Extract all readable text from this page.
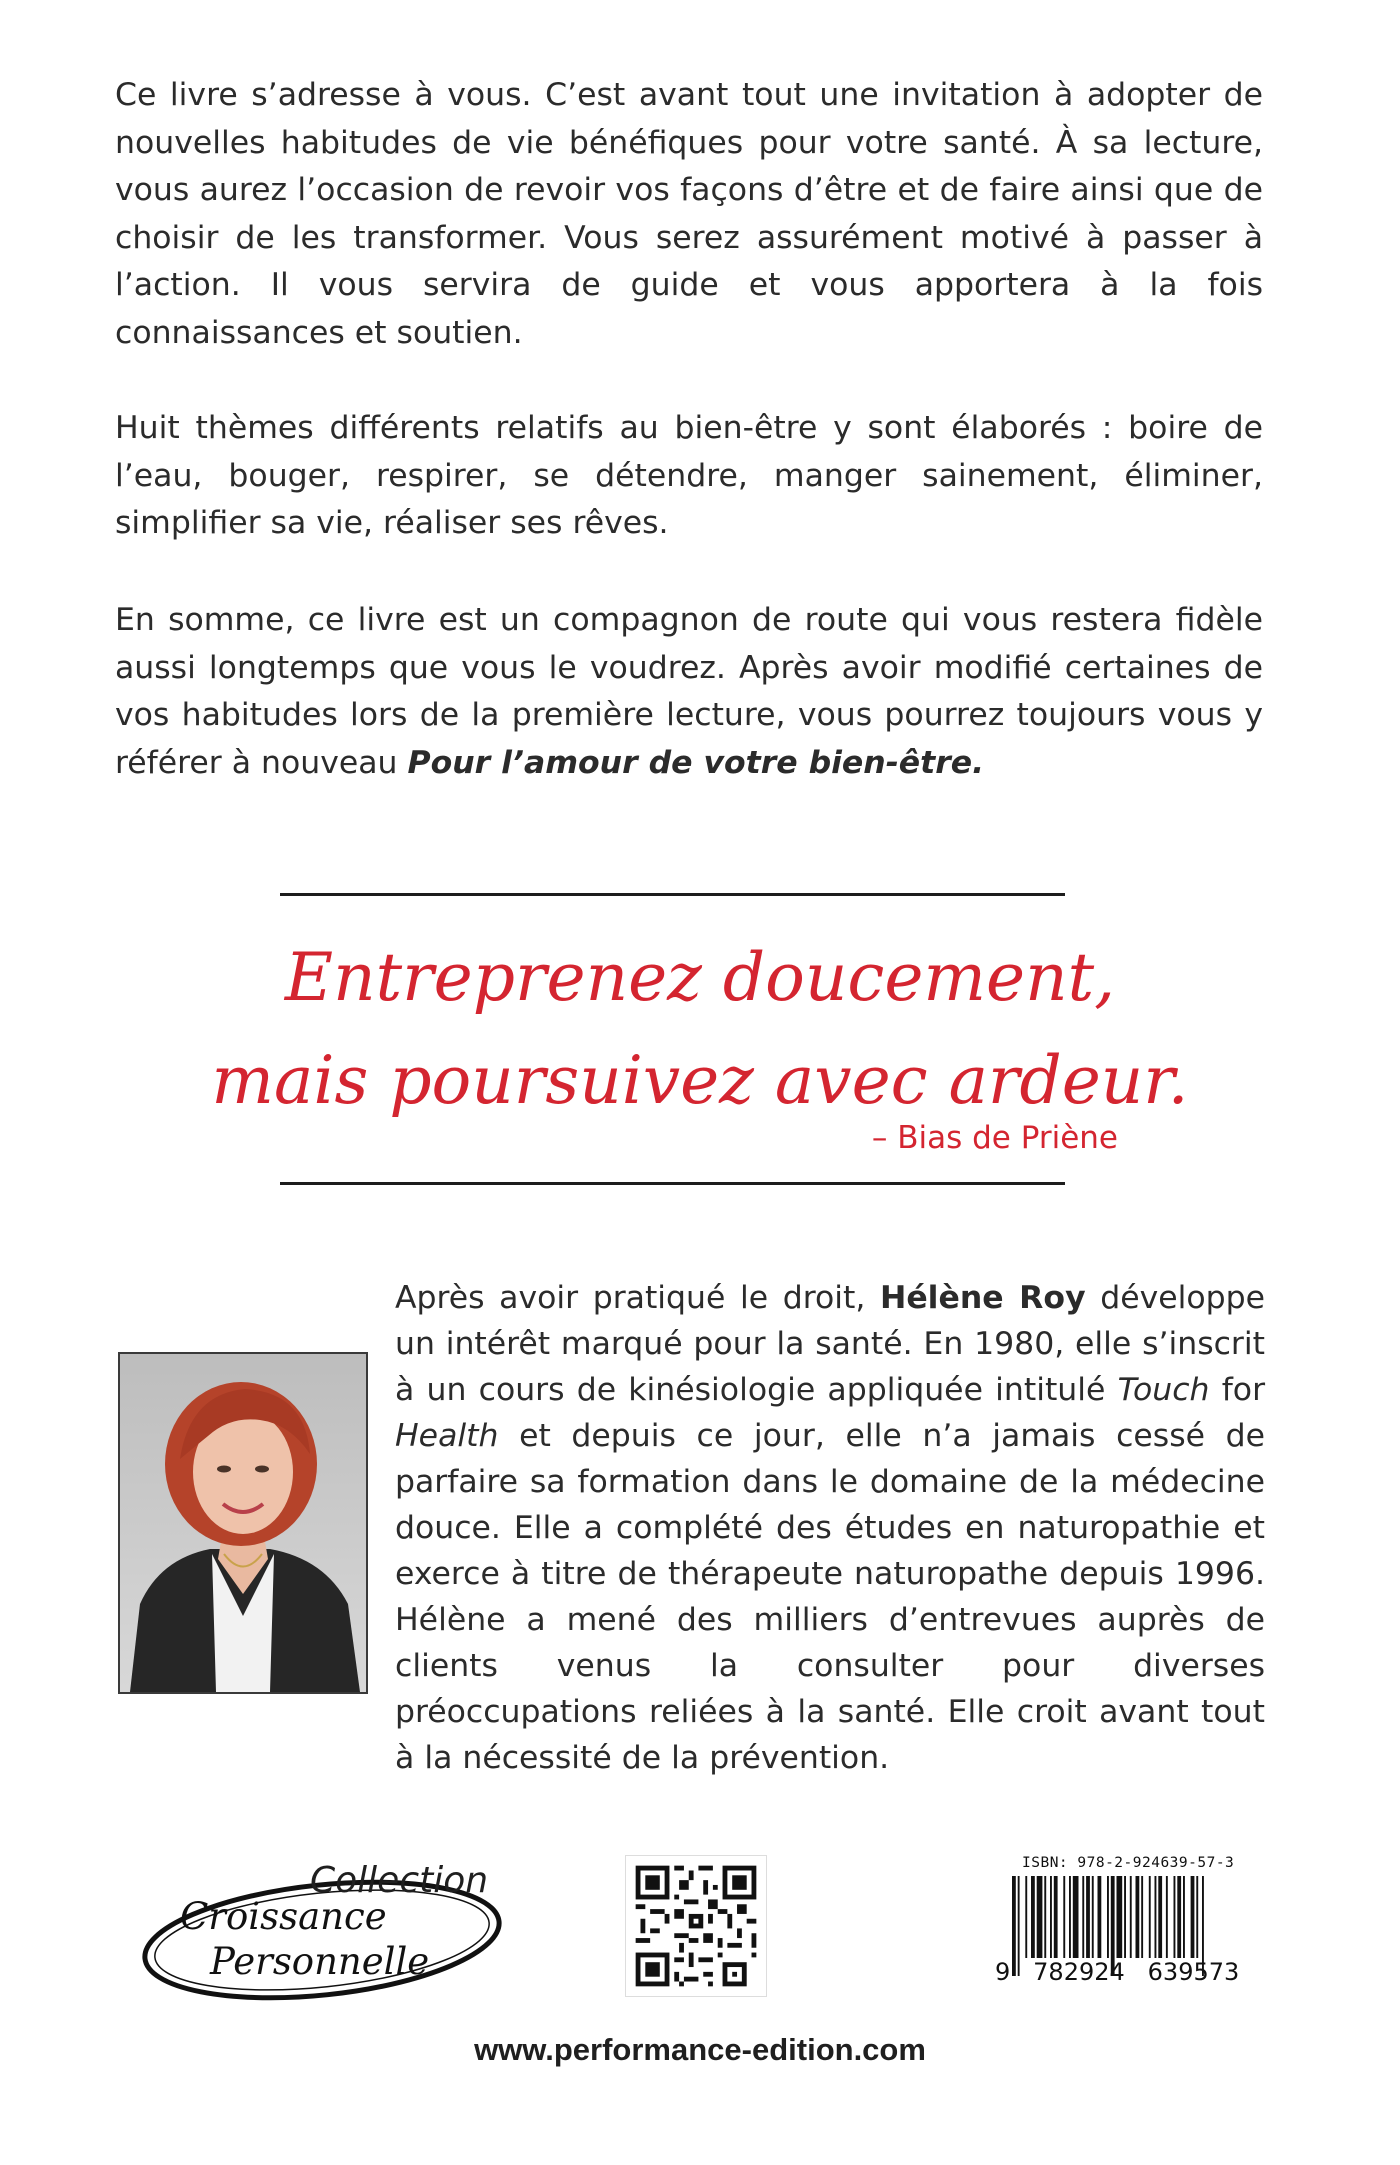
Ce livre s’adresse à vous. C’est avant tout une invitation à adopter de nouvelles habitudes de vie bénéfiques pour votre santé. À sa lecture, vous aurez l’occasion de revoir vos façons d’être et de faire ainsi que de choisir de les transformer. Vous serez assurément motivé à passer à l’action. Il vous servira de guide et vous apportera à la fois connaissances et soutien.

Huit thèmes différents relatifs au bien-être y sont élaborés : boire de l’eau, bouger, respirer, se détendre, manger sainement, éliminer, simplifier sa vie, réaliser ses rêves.

En somme, ce livre est un compagnon de route qui vous restera fidèle aussi longtemps que vous le voudrez. Après avoir modifié certaines de vos habitudes lors de la première lecture, vous pourrez toujours vous y référer à nouveau Pour l’amour de votre bien-être.

Entreprenez doucement,

mais poursuivez avec ardeur.

– Bias de Priène

Après avoir pratiqué le droit, Hélène Roy développe un intérêt marqué pour la santé. En 1980, elle s’inscrit à un cours de kinésiologie appliquée intitulé Touch for Health et depuis ce jour, elle n’a jamais cessé de parfaire sa formation dans le domaine de la médecine douce. Elle a complété des études en naturopathie et exerce à titre de thérapeute naturopathe depuis 1996. Hélène a mené des milliers d’entrevues auprès de clients venus la consulter pour diverses préoccupations reliées à la santé. Elle croit avant tout à la nécessité de la prévention.

Collection
Croissance
Personnelle
ISBN: 978-2-924639-57-3
9   782924   639573
www.performance-edition.com
